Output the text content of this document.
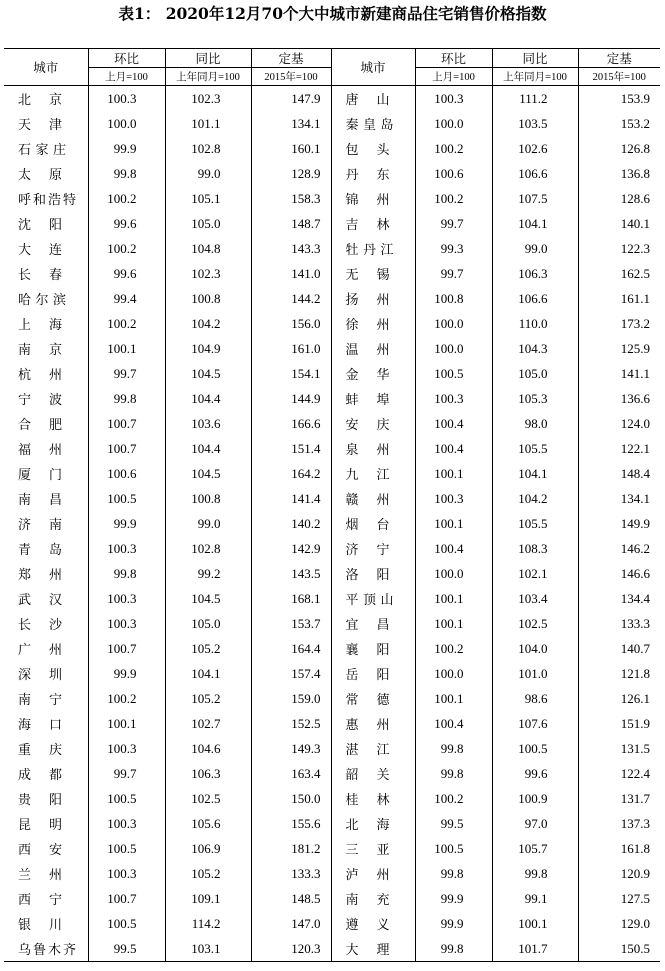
表1： 2020年12月70个大中城市新建商品住宅销售价格指数
城市	环比	同比	定基	城市	环比	同比	定基
	上月=100	上年同月=100	2015年=100		上月=100	上年同月=100	2015年=100
北　京	100.3	102.3	147.9	唐　山	100.3	111.2	153.9
天　津	100.0	101.1	134.1	秦皇岛	100.0	103.5	153.2
石家庄	99.9	102.8	160.1	包　头	100.2	102.6	126.8
太　原	99.8	99.0	128.9	丹　东	100.6	106.6	136.8
呼和浩特	100.2	105.1	158.3	锦　州	100.2	107.5	128.6
沈　阳	99.6	105.0	148.7	吉　林	99.7	104.1	140.1
大　连	100.2	104.8	143.3	牡丹江	99.3	99.0	122.3
长　春	99.6	102.3	141.0	无　锡	99.7	106.3	162.5
哈尔滨	99.4	100.8	144.2	扬　州	100.8	106.6	161.1
上　海	100.2	104.2	156.0	徐　州	100.0	110.0	173.2
南　京	100.1	104.9	161.0	温　州	100.0	104.3	125.9
杭　州	99.7	104.5	154.1	金　华	100.5	105.0	141.1
宁　波	99.8	104.4	144.9	蚌　埠	100.3	105.3	136.6
合　肥	100.7	103.6	166.6	安　庆	100.4	98.0	124.0
福　州	100.7	104.4	151.4	泉　州	100.4	105.5	122.1
厦　门	100.6	104.5	164.2	九　江	100.1	104.1	148.4
南　昌	100.5	100.8	141.4	赣　州	100.3	104.2	134.1
济　南	99.9	99.0	140.2	烟　台	100.1	105.5	149.9
青　岛	100.3	102.8	142.9	济　宁	100.4	108.3	146.2
郑　州	99.8	99.2	143.5	洛　阳	100.0	102.1	146.6
武　汉	100.3	104.5	168.1	平顶山	100.1	103.4	134.4
长　沙	100.3	105.0	153.7	宜　昌	100.1	102.5	133.3
广　州	100.7	105.2	164.4	襄　阳	100.2	104.0	140.7
深　圳	99.9	104.1	157.4	岳　阳	100.0	101.0	121.8
南　宁	100.2	105.2	159.0	常　德	100.1	98.6	126.1
海　口	100.1	102.7	152.5	惠　州	100.4	107.6	151.9
重　庆	100.3	104.6	149.3	湛　江	99.8	100.5	131.5
成　都	99.7	106.3	163.4	韶　关	99.8	99.6	122.4
贵　阳	100.5	102.5	150.0	桂　林	100.2	100.9	131.7
昆　明	100.3	105.6	155.6	北　海	99.5	97.0	137.3
西　安	100.5	106.9	181.2	三　亚	100.5	105.7	161.8
兰　州	100.3	105.2	133.3	泸　州	99.8	99.8	120.9
西　宁	100.7	109.1	148.5	南　充	99.9	99.1	127.5
银　川	100.5	114.2	147.0	遵　义	99.9	100.1	129.0
乌鲁木齐	99.5	103.1	120.3	大　理	99.8	101.7	150.5
